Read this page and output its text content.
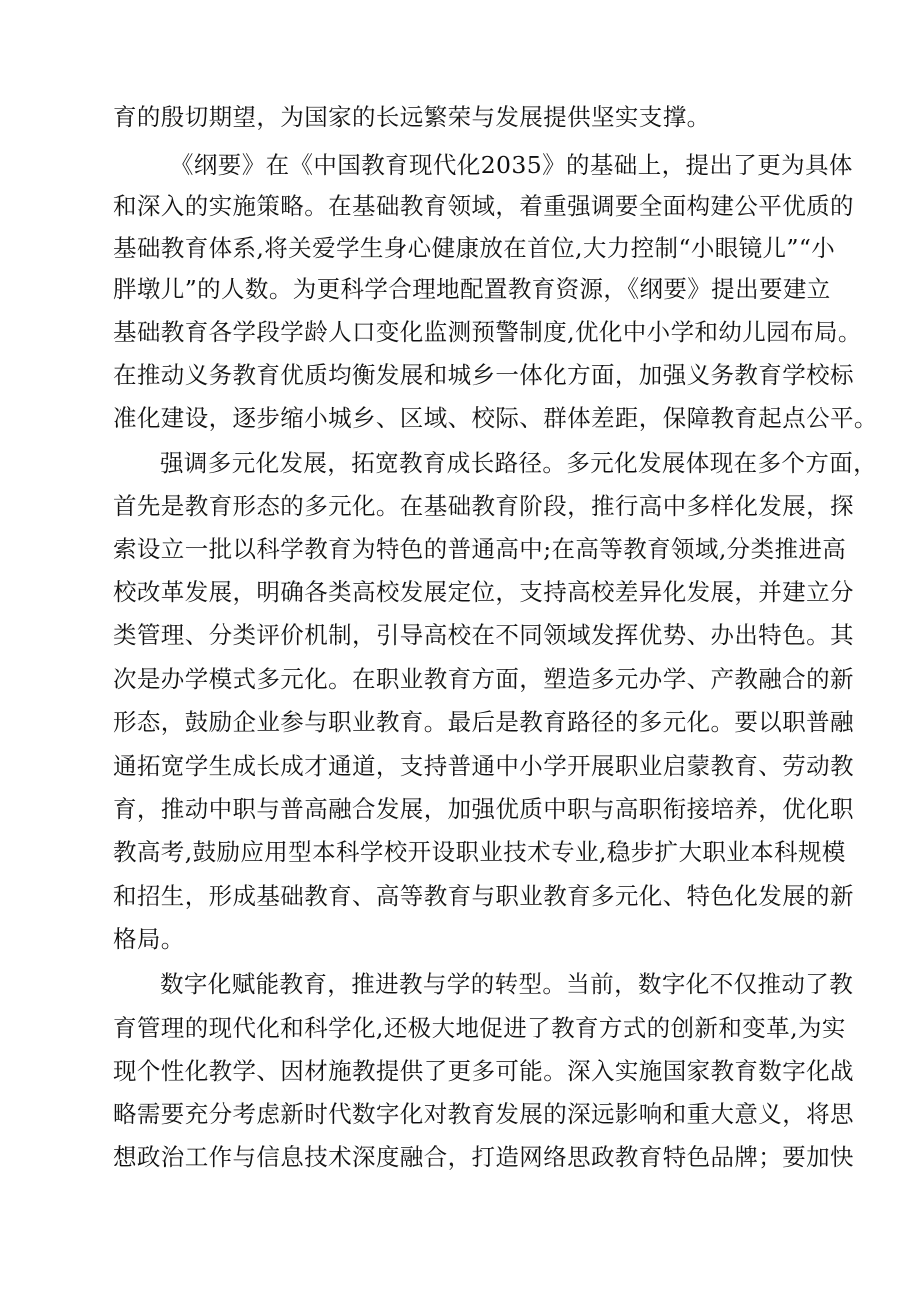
育的殷切期望，为国家的长远繁荣与发展提供坚实支撑。
《纲要》在《中国教育现代化2035》的基础上，提出了更为具体
和深入的实施策略。在基础教育领域，着重强调要全面构建公平优质的
基础教育体系,将关爱学生身心健康放在首位,大力控制“小眼镜儿”“小
胖墩儿”的人数。为更科学合理地配置教育资源，《纲要》提出要建立
基础教育各学段学龄人口变化监测预警制度,优化中小学和幼儿园布局。
在推动义务教育优质均衡发展和城乡一体化方面，加强义务教育学校标
准化建设，逐步缩小城乡、区域、校际、群体差距，保障教育起点公平。
强调多元化发展，拓宽教育成长路径。多元化发展体现在多个方面，
首先是教育形态的多元化。在基础教育阶段，推行高中多样化发展，探
索设立一批以科学教育为特色的普通高中;在高等教育领域,分类推进高
校改革发展，明确各类高校发展定位，支持高校差异化发展，并建立分
类管理、分类评价机制，引导高校在不同领域发挥优势、办出特色。其
次是办学模式多元化。在职业教育方面，塑造多元办学、产教融合的新
形态，鼓励企业参与职业教育。最后是教育路径的多元化。要以职普融
通拓宽学生成长成才通道，支持普通中小学开展职业启蒙教育、劳动教
育，推动中职与普高融合发展，加强优质中职与高职衔接培养，优化职
教高考,鼓励应用型本科学校开设职业技术专业,稳步扩大职业本科规模
和招生，形成基础教育、高等教育与职业教育多元化、特色化发展的新
格局。
数字化赋能教育，推进教与学的转型。当前，数字化不仅推动了教
育管理的现代化和科学化,还极大地促进了教育方式的创新和变革,为实
现个性化教学、因材施教提供了更多可能。深入实施国家教育数字化战
略需要充分考虑新时代数字化对教育发展的深远影响和重大意义，将思
想政治工作与信息技术深度融合，打造网络思政教育特色品牌；要加快
